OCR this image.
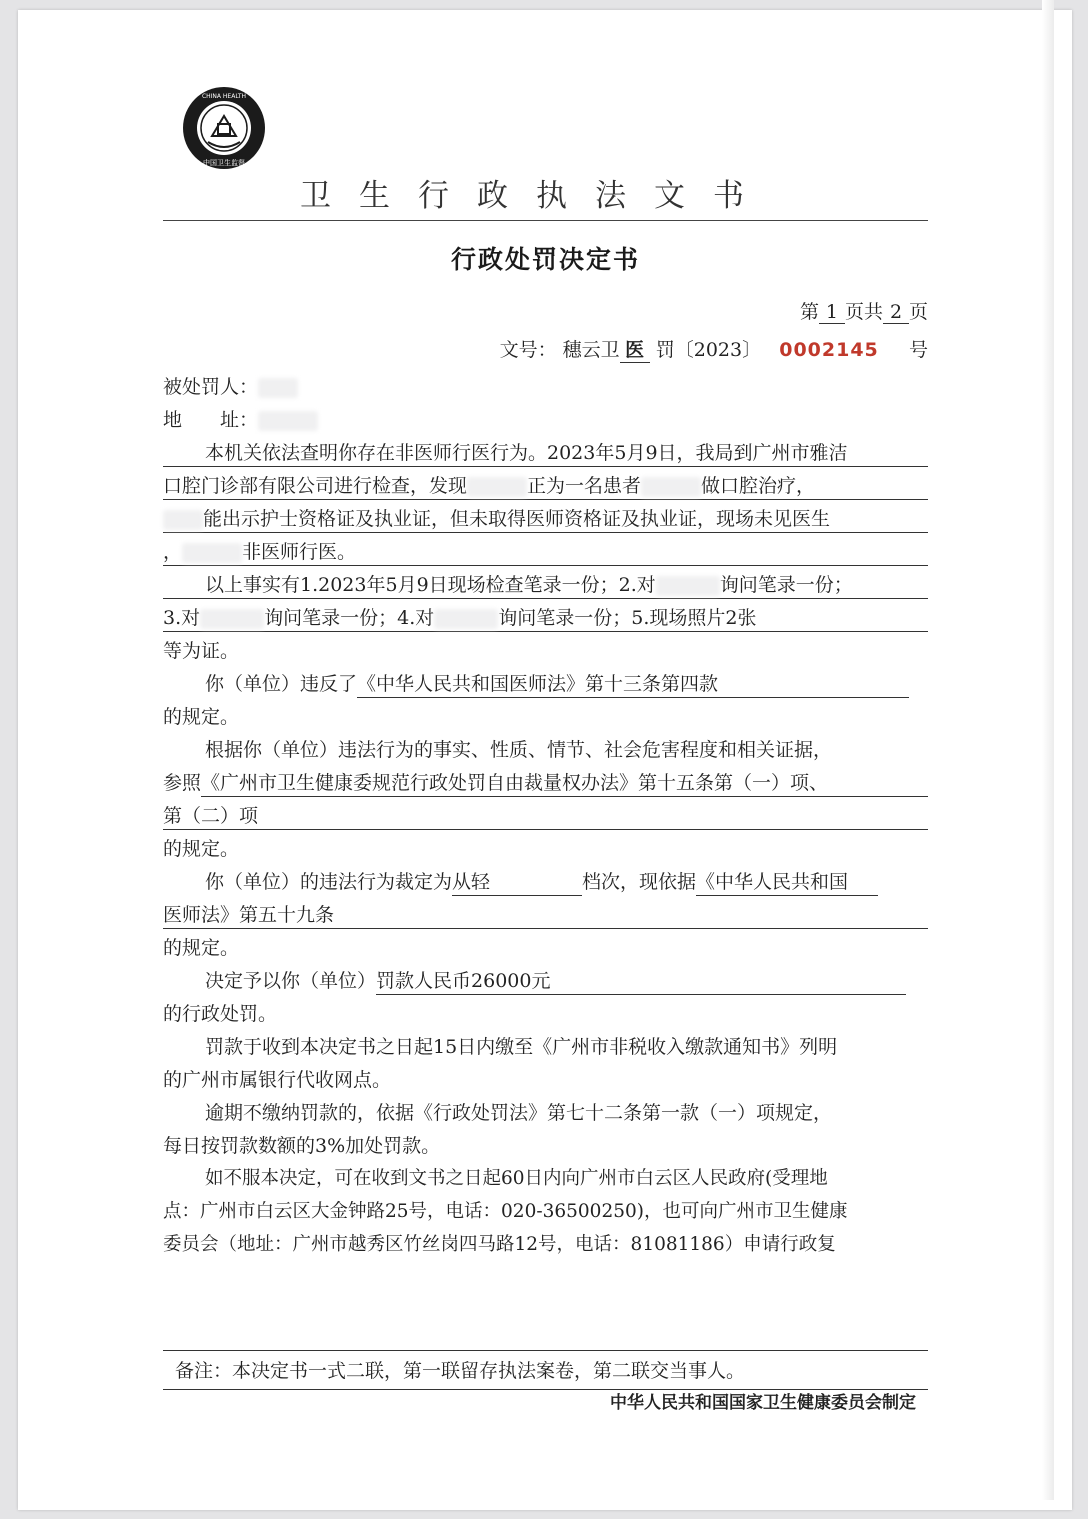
CHINA HEALTH
中国卫生监督
卫生行政执法文书
行政处罚决定书
第 1 页共 2 页
文号： 穗云卫 医 罚〔2023〕 0002145 号
被处罚人：
地　　址：
本机关依法查明你存在非医师行医行为。2023年5月9日，我局到广州市雅洁
口腔门诊部有限公司进行检查，发现	正为一名患者	做口腔治疗，
能出示护士资格证及执业证，但未取得医师资格证及执业证，现场未见医生
，	非医师行医。
以上事实有1.2023年5月9日现场检查笔录一份；2.对	询问笔录一份；
3.对	询问笔录一份；4.对	询问笔录一份；5.现场照片2张
等为证。
你（单位）违反了《中华人民共和国医师法》第十三条第四款
的规定。
根据你（单位）违法行为的事实、性质、情节、社会危害程度和相关证据，
参照《广州市卫生健康委规范行政处罚自由裁量权办法》第十五条第（一）项、
第（二）项
的规定。
你（单位）的违法行为裁定为从轻	档次，现依据《中华人民共和国
医师法》第五十九条
的规定。
决定予以你（单位）罚款人民币26000元
的行政处罚。
罚款于收到本决定书之日起15日内缴至《广州市非税收入缴款通知书》列明
的广州市属银行代收网点。
逾期不缴纳罚款的，依据《行政处罚法》第七十二条第一款（一）项规定，
每日按罚款数额的3%加处罚款。
如不服本决定，可在收到文书之日起60日内向广州市白云区人民政府(受理地
点：广州市白云区大金钟路25号，电话：020-36500250)，也可向广州市卫生健康
委员会（地址：广州市越秀区竹丝岗四马路12号，电话：81081186）申请行政复
备注：本决定书一式二联，第一联留存执法案卷，第二联交当事人。
中华人民共和国国家卫生健康委员会制定
